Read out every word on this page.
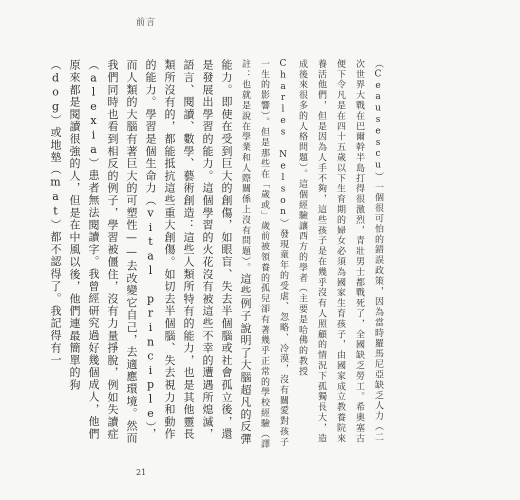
前言
（Ceausescu）一個很可怕的錯誤政策，因為當時羅馬尼亞缺乏人力（二次世界大戰在巴爾幹半島打得很激烈，青壯男士都戰死了，全國缺乏勞工。希奧塞古便下令凡是在四十五歲以下生育期的婦女必須為國家生育孩子，由國家成立教養院來養活他們，但是因為人手不夠，這些孩子是在幾乎沒有人照顧的情況下孤獨長大，造成後來很多的人格問題）。這個經驗讓西方的學者（主要是哈佛的教授Charles Nelson）發現童年的受虐、忽略、冷漠，沒有關愛對孩子一生的影響）。但是那些在「歲或」歲前被領養的孤兒卻有著幾乎正常的學校經驗（譯註：也就是說在學業和人際關係上沒有問題）。這些例子說明了大腦超凡的反彈能力。即使在受到巨大的創傷，如眼盲、失去半個腦或社會孤立後，還是發展出學習的能力。這個學習的火花沒有被這些不幸的遭遇所熄滅，語言、閱讀、數學、藝術創造：這些人類所特有的能力，也是其他靈長類所沒有的，都能抵抗這些重大創傷。如切去半個腦、失去視力和動作的能力。學習是個生命力（vital principle），而人類的大腦有著巨大的可塑性——去改變它自己，去適應環境。然而我們同時也看到相反的例子，學習被僵住，沒有力量掙脫，例如失讀症（alexia）患者無法閱讀字。我曾經研究過好幾個成人，他們原來都是閱讀很強的人，但是在中風以後，他們連最簡單的狗（dog）或地墊（mat）都不認得了。我記得有一
21
